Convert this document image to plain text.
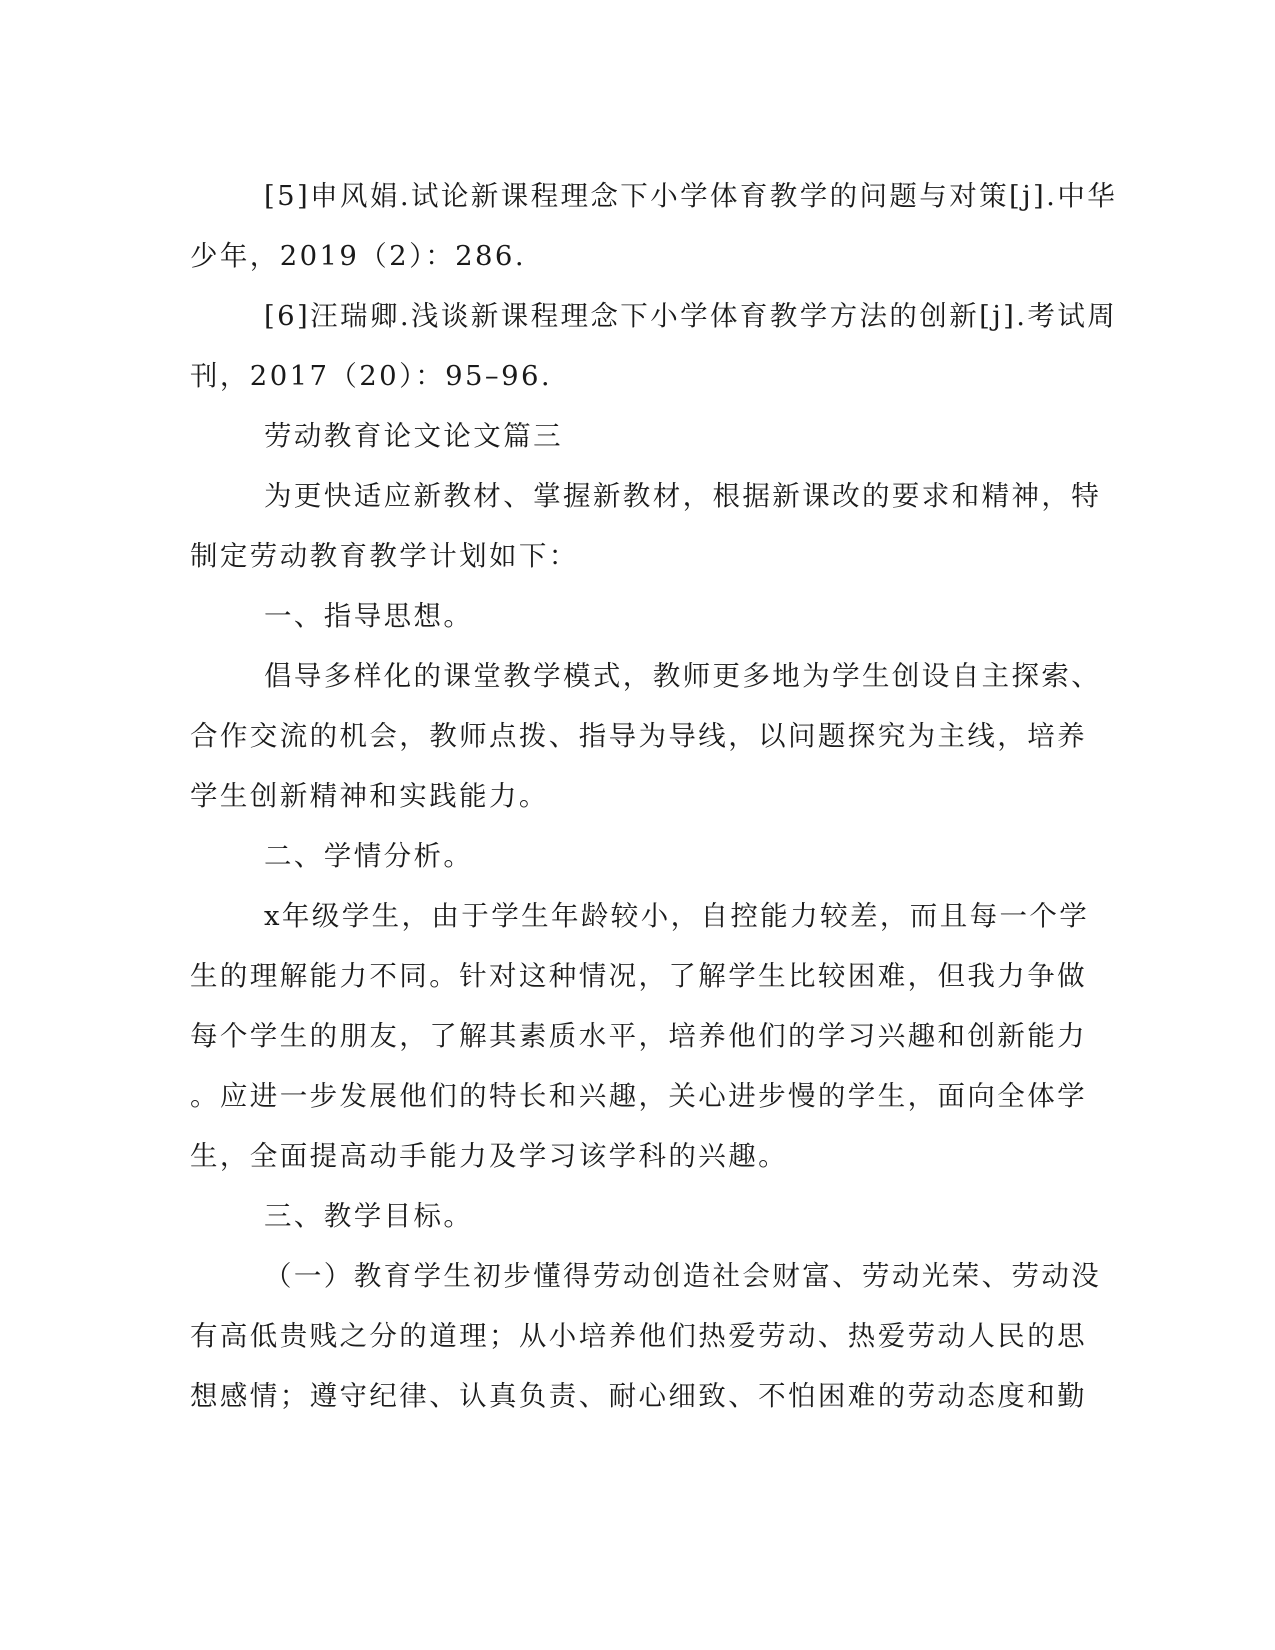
[5]申风娟.试论新课程理念下小学体育教学的问题与对策[j].中华
少年，2019（2）：286.

[6]汪瑞卿.浅谈新课程理念下小学体育教学方法的创新[j].考试周
刊，2017（20）：95–96.

劳动教育论文论文篇三

为更快适应新教材、掌握新教材，根据新课改的要求和精神，特
制定劳动教育教学计划如下：

一、指导思想。

倡导多样化的课堂教学模式，教师更多地为学生创设自主探索、
合作交流的机会，教师点拨、指导为导线，以问题探究为主线，培养
学生创新精神和实践能力。

二、学情分析。

x年级学生，由于学生年龄较小，自控能力较差，而且每一个学
生的理解能力不同。针对这种情况，了解学生比较困难，但我力争做
每个学生的朋友，了解其素质水平，培养他们的学习兴趣和创新能力
。应进一步发展他们的特长和兴趣，关心进步慢的学生，面向全体学
生，全面提高动手能力及学习该学科的兴趣。

三、教学目标。

（一）教育学生初步懂得劳动创造社会财富、劳动光荣、劳动没
有高低贵贱之分的道理；从小培养他们热爱劳动、热爱劳动人民的思
想感情；遵守纪律、认真负责、耐心细致、不怕困难的劳动态度和勤
